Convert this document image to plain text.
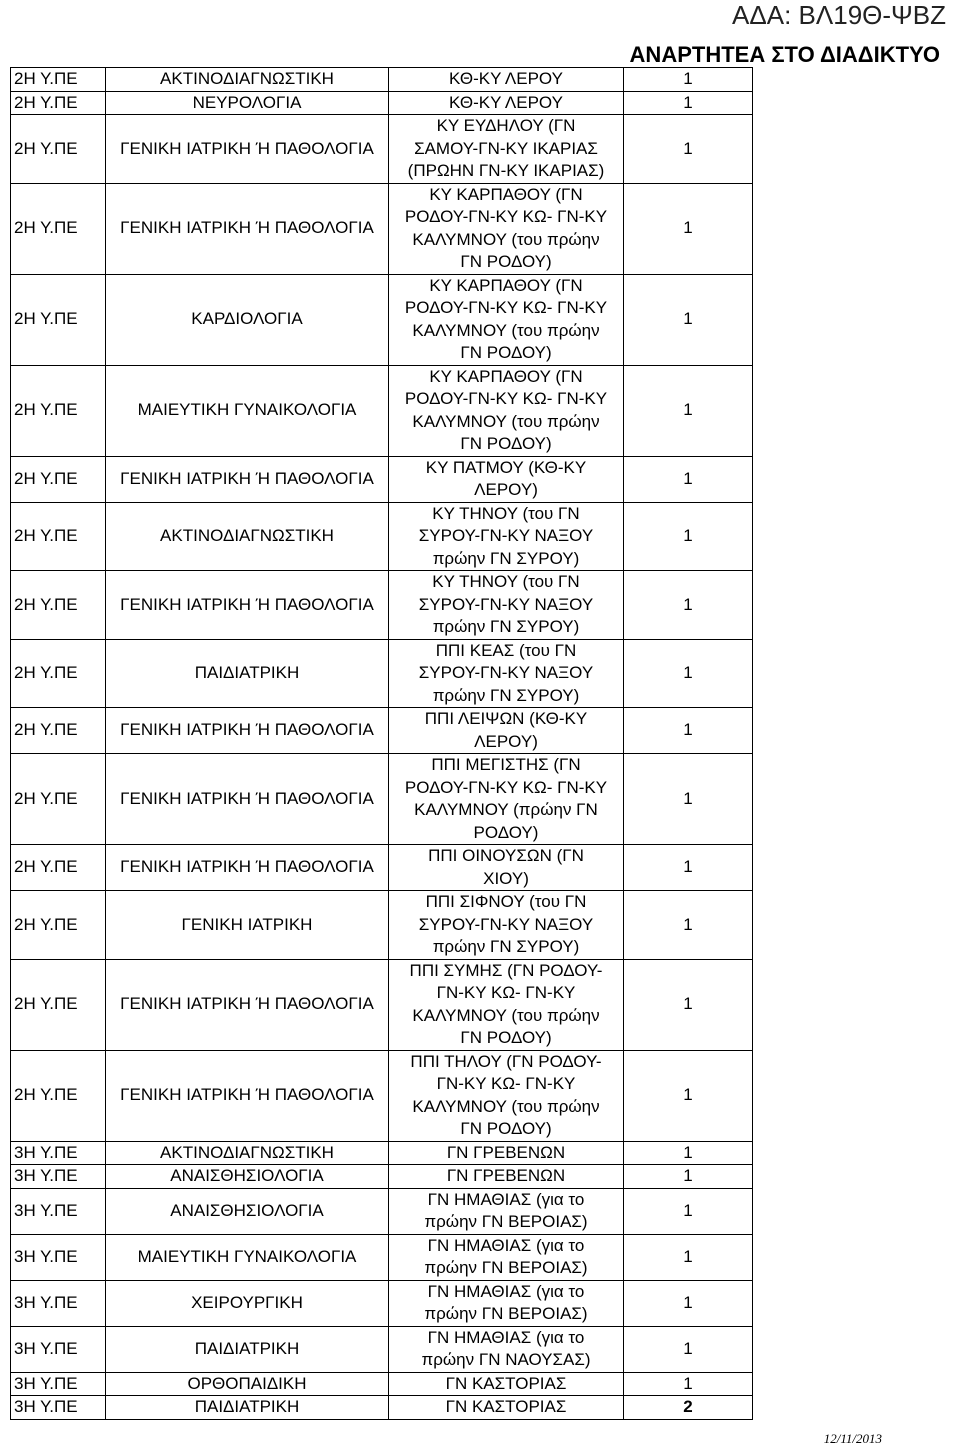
ΑΔΑ: ΒΛ19Θ-ΨΒΖ
ΑΝΑΡΤΗΤΕΑ ΣΤΟ ΔΙΑΔΙΚΤΥΟ
2Η Υ.ΠΕ	ΑΚΤΙΝΟΔΙΑΓΝΩΣΤΙΚΗ	ΚΘ-ΚΥ ΛΕΡΟΥ	1
2Η Υ.ΠΕ	ΝΕΥΡΟΛΟΓΙΑ	ΚΘ-ΚΥ ΛΕΡΟΥ	1
2Η Υ.ΠΕ	ΓΕΝΙΚΗ ΙΑΤΡΙΚΗ Ή ΠΑΘΟΛΟΓΙΑ	ΚΥ ΕΥΔΗΛΟΥ (ΓΝ
ΣΑΜΟΥ-ΓΝ-ΚΥ ΙΚΑΡΙΑΣ
(ΠΡΩΗΝ ΓΝ-ΚΥ ΙΚΑΡΙΑΣ)	1
2Η Υ.ΠΕ	ΓΕΝΙΚΗ ΙΑΤΡΙΚΗ Ή ΠΑΘΟΛΟΓΙΑ	ΚΥ ΚΑΡΠΑΘΟΥ (ΓΝ
ΡΟΔΟΥ-ΓΝ-ΚΥ ΚΩ- ΓΝ-ΚΥ
ΚΑΛΥΜΝΟΥ (του πρώην
ΓΝ ΡΟΔΟΥ)	1
2Η Υ.ΠΕ	ΚΑΡΔΙΟΛΟΓΙΑ	ΚΥ ΚΑΡΠΑΘΟΥ (ΓΝ
ΡΟΔΟΥ-ΓΝ-ΚΥ ΚΩ- ΓΝ-ΚΥ
ΚΑΛΥΜΝΟΥ (του πρώην
ΓΝ ΡΟΔΟΥ)	1
2Η Υ.ΠΕ	ΜΑΙΕΥΤΙΚΗ ΓΥΝΑΙΚΟΛΟΓΙΑ	ΚΥ ΚΑΡΠΑΘΟΥ (ΓΝ
ΡΟΔΟΥ-ΓΝ-ΚΥ ΚΩ- ΓΝ-ΚΥ
ΚΑΛΥΜΝΟΥ (του πρώην
ΓΝ ΡΟΔΟΥ)	1
2Η Υ.ΠΕ	ΓΕΝΙΚΗ ΙΑΤΡΙΚΗ Ή ΠΑΘΟΛΟΓΙΑ	ΚΥ ΠΑΤΜΟΥ (ΚΘ-ΚΥ
ΛΕΡΟΥ)	1
2Η Υ.ΠΕ	ΑΚΤΙΝΟΔΙΑΓΝΩΣΤΙΚΗ	ΚΥ ΤΗΝΟΥ (του ΓΝ
ΣΥΡΟΥ-ΓΝ-ΚΥ ΝΑΞΟΥ
πρώην ΓΝ ΣΥΡΟΥ)	1
2Η Υ.ΠΕ	ΓΕΝΙΚΗ ΙΑΤΡΙΚΗ Ή ΠΑΘΟΛΟΓΙΑ	ΚΥ ΤΗΝΟΥ (του ΓΝ
ΣΥΡΟΥ-ΓΝ-ΚΥ ΝΑΞΟΥ
πρώην ΓΝ ΣΥΡΟΥ)	1
2Η Υ.ΠΕ	ΠΑΙΔΙΑΤΡΙΚΗ	ΠΠΙ ΚΕΑΣ (του ΓΝ
ΣΥΡΟΥ-ΓΝ-ΚΥ ΝΑΞΟΥ
πρώην ΓΝ ΣΥΡΟΥ)	1
2Η Υ.ΠΕ	ΓΕΝΙΚΗ ΙΑΤΡΙΚΗ Ή ΠΑΘΟΛΟΓΙΑ	ΠΠΙ ΛΕΙΨΩΝ (ΚΘ-ΚΥ
ΛΕΡΟΥ)	1
2Η Υ.ΠΕ	ΓΕΝΙΚΗ ΙΑΤΡΙΚΗ Ή ΠΑΘΟΛΟΓΙΑ	ΠΠΙ ΜΕΓΙΣΤΗΣ (ΓΝ
ΡΟΔΟΥ-ΓΝ-ΚΥ ΚΩ- ΓΝ-ΚΥ
ΚΑΛΥΜΝΟΥ (πρώην ΓΝ
ΡΟΔΟΥ)	1
2Η Υ.ΠΕ	ΓΕΝΙΚΗ ΙΑΤΡΙΚΗ Ή ΠΑΘΟΛΟΓΙΑ	ΠΠΙ ΟΙΝΟΥΣΩΝ (ΓΝ
ΧΙΟΥ)	1
2Η Υ.ΠΕ	ΓΕΝΙΚΗ ΙΑΤΡΙΚΗ	ΠΠΙ ΣΙΦΝΟΥ (του ΓΝ
ΣΥΡΟΥ-ΓΝ-ΚΥ ΝΑΞΟΥ
πρώην ΓΝ ΣΥΡΟΥ)	1
2Η Υ.ΠΕ	ΓΕΝΙΚΗ ΙΑΤΡΙΚΗ Ή ΠΑΘΟΛΟΓΙΑ	ΠΠΙ ΣΥΜΗΣ (ΓΝ ΡΟΔΟΥ-
ΓΝ-ΚΥ ΚΩ- ΓΝ-ΚΥ
ΚΑΛΥΜΝΟΥ (του πρώην
ΓΝ ΡΟΔΟΥ)	1
2Η Υ.ΠΕ	ΓΕΝΙΚΗ ΙΑΤΡΙΚΗ Ή ΠΑΘΟΛΟΓΙΑ	ΠΠΙ ΤΗΛΟΥ (ΓΝ ΡΟΔΟΥ-
ΓΝ-ΚΥ ΚΩ- ΓΝ-ΚΥ
ΚΑΛΥΜΝΟΥ (του πρώην
ΓΝ ΡΟΔΟΥ)	1
3Η Υ.ΠΕ	ΑΚΤΙΝΟΔΙΑΓΝΩΣΤΙΚΗ	ΓΝ ΓΡΕΒΕΝΩΝ	1
3Η Υ.ΠΕ	ΑΝΑΙΣΘΗΣΙΟΛΟΓΙΑ	ΓΝ ΓΡΕΒΕΝΩΝ	1
3Η Υ.ΠΕ	ΑΝΑΙΣΘΗΣΙΟΛΟΓΙΑ	ΓΝ ΗΜΑΘΙΑΣ (για το
πρώην ΓΝ ΒΕΡΟΙΑΣ)	1
3Η Υ.ΠΕ	ΜΑΙΕΥΤΙΚΗ ΓΥΝΑΙΚΟΛΟΓΙΑ	ΓΝ ΗΜΑΘΙΑΣ (για το
πρώην ΓΝ ΒΕΡΟΙΑΣ)	1
3Η Υ.ΠΕ	ΧΕΙΡΟΥΡΓΙΚΗ	ΓΝ ΗΜΑΘΙΑΣ (για το
πρώην ΓΝ ΒΕΡΟΙΑΣ)	1
3Η Υ.ΠΕ	ΠΑΙΔΙΑΤΡΙΚΗ	ΓΝ ΗΜΑΘΙΑΣ (για το
πρώην ΓΝ ΝΑΟΥΣΑΣ)	1
3Η Υ.ΠΕ	ΟΡΘΟΠΑΙΔΙΚΗ	ΓΝ ΚΑΣΤΟΡΙΑΣ	1
3Η Υ.ΠΕ	ΠΑΙΔΙΑΤΡΙΚΗ	ΓΝ ΚΑΣΤΟΡΙΑΣ	2
12/11/2013
